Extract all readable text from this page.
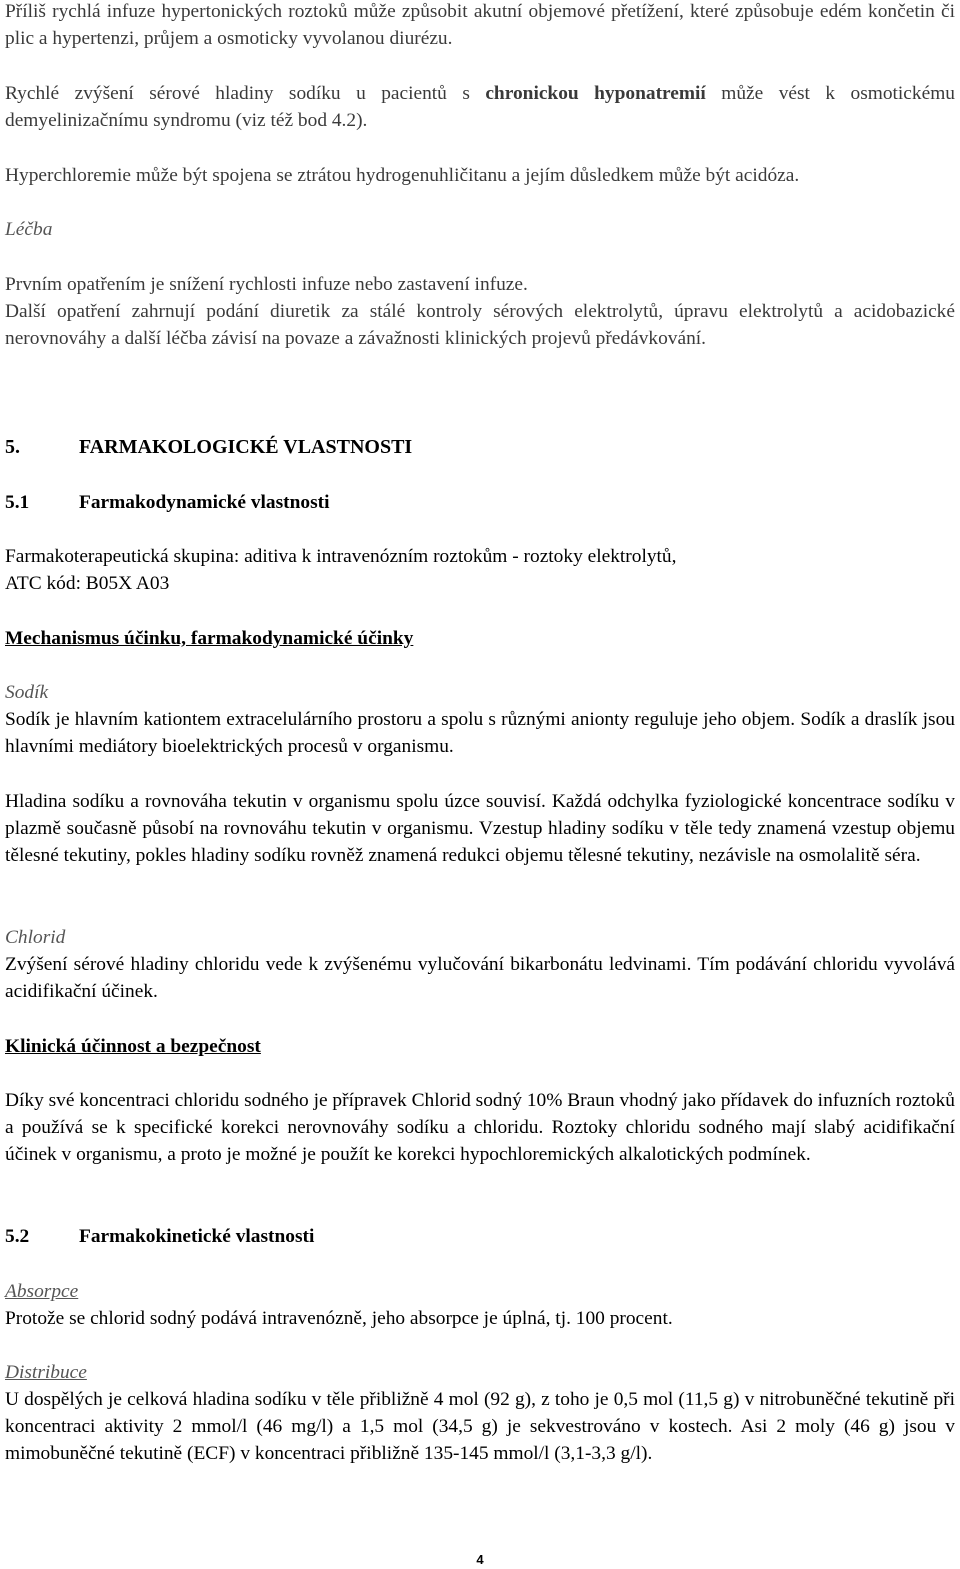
Příliš rychlá infuze hypertonických roztoků může způsobit akutní objemové přetížení, které způsobuje edém končetin či plic a hypertenzi, průjem a osmoticky vyvolanou diurézu.

Rychlé zvýšení sérové hladiny sodíku u pacientů s chronickou hyponatremií může vést k osmotickému demyelinizačnímu syndromu (viz též bod 4.2).

Hyperchloremie může být spojena se ztrátou hydrogenuhličitanu a jejím důsledkem může být acidóza.

Léčba

Prvním opatřením je snížení rychlosti infuze nebo zastavení infuze.

Další opatření zahrnují podání diuretik za stálé kontroly sérových elektrolytů, úpravu elektrolytů a acidobazické nerovnováhy a další léčba závisí na povaze a závažnosti klinických projevů předávkování.

5.	FARMAKOLOGICKÉ VLASTNOSTI

5.1	Farmakodynamické vlastnosti

Farmakoterapeutická skupina: aditiva k intravenózním roztokům - roztoky elektrolytů,

ATC kód: B05X A03

Mechanismus účinku, farmakodynamické účinky

Sodík

Sodík je hlavním kationtem extracelulárního prostoru a spolu s různými anionty reguluje jeho objem. Sodík a draslík jsou hlavními mediátory bioelektrických procesů v organismu.

Hladina sodíku a rovnováha tekutin v organismu spolu úzce souvisí. Každá odchylka fyziologické koncentrace sodíku v plazmě současně působí na rovnováhu tekutin v organismu. Vzestup hladiny sodíku v těle tedy znamená vzestup objemu tělesné tekutiny, pokles hladiny sodíku rovněž znamená redukci objemu tělesné tekutiny, nezávisle na osmolalitě séra.

Chlorid

Zvýšení sérové hladiny chloridu vede k zvýšenému vylučování bikarbonátu ledvinami. Tím podávání chloridu vyvolává acidifikační účinek.

Klinická účinnost a bezpečnost

Díky své koncentraci chloridu sodného je přípravek Chlorid sodný 10% Braun vhodný jako přídavek do infuzních roztoků a používá se k specifické korekci nerovnováhy sodíku a chloridu. Roztoky chloridu sodného mají slabý acidifikační účinek v organismu, a proto je možné je použít ke korekci hypochloremických alkalotických podmínek.

5.2	Farmakokinetické vlastnosti

Absorpce

Protože se chlorid sodný podává intravenózně, jeho absorpce je úplná, tj. 100 procent.

Distribuce

U dospělých je celková hladina sodíku v těle přibližně 4 mol (92 g), z toho je 0,5 mol (11,5 g) v nitrobuněčné tekutině při koncentraci aktivity 2 mmol/l (46 mg/l) a 1,5 mol (34,5 g) je sekvestrováno v kostech. Asi 2 moly (46 g) jsou v mimobuněčné tekutině (ECF) v koncentraci přibližně 135-145 mmol/l (3,1-3,3 g/l).

4
